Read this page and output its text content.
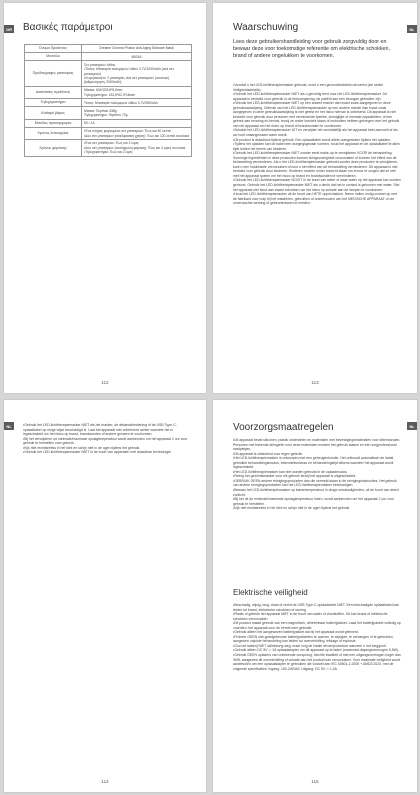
GR Βασικές παράμετροι
Όνομα Προϊόντος	Dreame Chroma Photon Anti-Aging Skincare Mask
Μοντέλο	AB01A
Προδιαγραφές μπαταρίας	Σετ μπαταριών λιθίου
•Τύπος: Μπαταρία πολυμερών λιθίου 3,7V/1000mAh (ανά σετ μπαταριών)
•Χωρητικότητα: 2 μπαταρίες ανά σετ μπαταριών (συνολική βαθμονόμηση: 2000mAh)
Διαστάσεις προϊόντος	Μάσκα: 634*203,8*5,5mm
Τηλεχειριστήριο: 132,6*62,3*16mm
Τηλεχειριστήριο	Τύπος: Μπαταρία πολυμερών λιθίου 3,7V/280mAh
Καθαρό βάρος	Μάσκα: Περίπου 338g
Τηλεχειριστήριο: Περίπου 72g
Είσοδος προσαρμογέα	5V⎓1A
Χρόνος λειτουργίας	•Ένα πλήρες φορτωμένο σετ μπαταριών: Έως και 60 λεπτά
•Δύο σετ μπαταριών (αναδιφασική χρήση): Έως και 120 λεπτά συνολικά
Χρόνος φόρτισης	•Ένα σετ μπαταριών: Έως και 2 ώρες
•Δύο σετ μπαταριών (ταυτόχρονη φόρτιση): Έως και 4 ώρες συνολικά
•Τηλεχειριστήριο: Έως και 2 ώρες
112
NL
Waarschuwing
Lees deze gebruikershandleiding voor gebruik zorgvuldig door en bewaar deze voor toekomstige referentie om elektrische schokken, brand of andere ongelukken te voorkomen.

•Voordat u het LED-lichttherapiemasker gebruikt, moet u een gezondheidstest uitvoeren (zie sectie Veiligheidsdetails).

•Gebruik het LED-lichttherapiemasker NIET als u gevoelig bent voor het LED-lichttherapiemasker. Dit apparaat is bedoeld voor gebruik in de thuisomgeving; de patiënt kan een beoogde gebruiker zijn.

•Gebruik het LED-lichttherapiemasker NIET op een andere manier dan exact zoals aangegeven in deze gebruiksaanwijzing. Gebruik van het LED-lichttherapiemasker op een andere manier dan exact zoals aangegeven in deze gebruiksaanwijzing is niet getest en het risico hiervan is onbekend. Dit apparaat is niet bedoeld voor gebruik door personen met verminderde fysieke, zintuiglijke of mentale capaciteiten, of een gebrek aan ervaring en kennis, tenzij ze onder toezicht staan of instructies hebben gekregen over het gebruik van het apparaat om het risico op brand of brandwonden te voorkomen.

•Schakel het LED-lichttherapiemasker UIT en verwijder het onmiddellijk als het apparaat heet aanvoelt of als uw huid onaangenaam warm wordt.

•Dit product is draadloos tijdens gebruik. Een oplaadkabel wordt alleen aangesloten tijdens het opladen.

•Tijdens het opladen kan de kabel een wurgingsgevaar vormen, houd het apparaat en de oplaadkabel te allen tijde buiten het bereik van kinderen.

•Gebruik het LED-lichttherapiemasker NIET zonder eerst make-up te verwijderen VOOR de behandeling. Sommige ingrediënten in deze producten kunnen lichtgevoeligheid veroorzaken of kunnen het effect van de behandeling verminderen. Als u het LED-lichttherapiemasker gebruikt zonder deze producten te verwijderen, kunt u een huidreactie veroorzaken of kunt u het effect van de behandeling verminderen. Dit apparaat is niet bedoeld voor gebruik door kinderen. Kinderen moeten onder toezicht staan om ervoor te zorgen dat ze niet met het apparaat spelen om het risico op brand en brandwonden te verminderen.

•Gebruik het LED-lichttherapiemasker NOOIT in de buurt van water of waar water op het apparaat kan worden gemorst. Gebruik het LED-lichttherapiemasker NIET als u denkt dat het in contact is gekomen met water. Stel het apparaat niet bloot aan zware schokken om het risico op schade aan de lampen te voorkomen.

•Houd het LED-lichttherapiemasker uit de buurt van HETE oppervlakken. Neem indien nodig contact op met de fabrikant voor hulp bij het installeren, gebruiken of onderhouden van het MEDISCHE APPARAAT of om onverwachte werking of gebeurtenissen te melden.

113
NL	•Gebruik het LED-lichttherapiemasker NIET als het masker, de afstandsbediening of de USB Type-C-oplaadkabel op enige wijze beschadigd is. Laat het apparaat niet onbeheerd achter wanneer het is ingeschakeld om het risico op brand, brandwonden of andere gevaren te voorkomen.

•Bij het verwijderen uit minimale/maximale opslagtemperatuur wordt aanbevolen om het apparaat 2 uur voor gebruik te herstellen voor gebruik.

•Kijk niet rechtstreeks in het licht en schijn niet in de ogen tijdens het gebruik.

•Gebruik het LED-lichttherapiemasker NIET in de buurt van apparaten met draadloze technologie.

114
NL
Voorzorgsmaatregelen

•Dit apparaat bevat siliconen, plastic onderdelen en materialen met bevestigingsmaterialen voor kittenbanden. Personen met bekende allergieën voor deze materialen moeten het gebruik staken en een zorgprofessional raadplegen.

•Dit apparaat is uitsluitend voor eigen gebruik.

•Het LED-lichttherapiemasker is ontworpen met een geheugenfunctie. Het onthoudt automatisch de laatst gebruikte behandelingsmodus, intensiteitsniveau en behandelingstijd telkens wanneer het apparaat wordt ingeschakeld.

•Het LED-lichttherapiemasker kan niet worden gebruikt in de oplaadmodus.

•Reinig het gezichtsmasker voor elk gebruik terwijl het apparaat is uitgeschakeld.

•GEBRUIK GEEN andere reinigingsproducten dan die vermeld staan in de reinigingsinstructies. Het gebruik van andere reinigingsproducten kan het LED-lichttherapiemasker beschadigen.

•Bewaar het LED-lichttherapiemasker op kamertemperatuur in droge omstandigheden, uit de buurt van direct zonlicht.

•Bij het uit de minimale/maximale opslagtemperatuur halen, wordt aanbevolen om het apparaat 2 uur voor gebruik te herstellen.

•Kijk niet rechtstreeks in het licht en schijn niet in de ogen tijdens het gebruik.

Elektrische veiligheid

•Beschadig, wijzig, buig, draai of verhit de USB Type-C-oplaadkabel NIET. Een beschadigde oplaadkabel kan leiden tot brand, elektrische schokken of storing.

•Plaats of gebruik het apparaat NIET in de buurt van water of vloeistoffen. Dit kan brand of elektrische schokken veroorzaken.

•Dit product maakt gebruik van een magnetisch, afneembaar batterijpakket. Laad het batterijpakket volledig op voordat u het apparaat voor de eerste keer gebruikt.

•Gebruik alleen het aangewezen batterijpakket dat bij het apparaat wordt geleverd.

•Probeer GEEN niet-goedgekeurde batterijpakketten te openen, te wijzigen, te vervangen of te gebruiken, aangezien onjuiste behandeling kan leiden tot oververhitting, lekkage of explosie.

•Gooi de batterij NIET willekeurig weg, maar volg de lokale afvoerprocedure wanneer u het weggooit.

•Gebruik alleen DC 5V ⎓ 1A oplaadadapter om dit apparaat op te laden (maximaal uitgangsvermogen 5,5W).

•Gebruik GEEN opladers van onbekende oorsprong, slechte kwaliteit of met een uitgangsvermogen hoger dan 30W, aangezien dit oververhitting of schade aan het product kan veroorzaken. Voor maximale veiligheid wordt aanbevolen om een oplaadadapter te gebruiken die voldoet aan IEC 60601-1:2005 + AMD2:2020, met de volgende specificaties: Ingang: 100-240VAC Uitgang: DC 5V ⎓ 1,0A.

115
